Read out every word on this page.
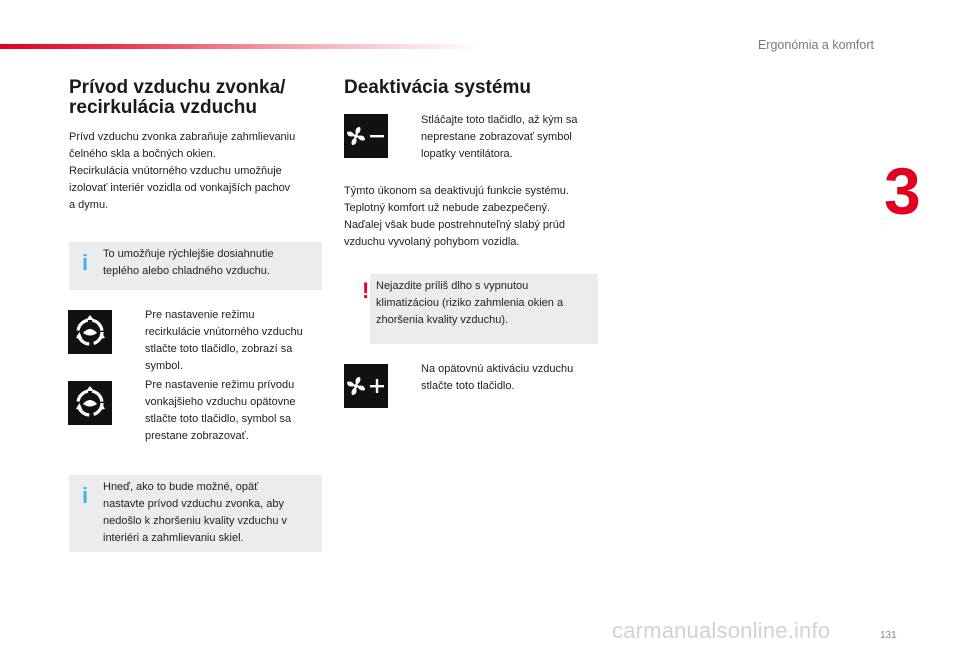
Ergonómia a komfort
3
Prívod vzduchu zvonka/
recirkulácia vzduchu

Prívd vzduchu zvonka zabraňuje zahmlievaniu

čelného skla a bočných okien.

Recirkulácia vnútorného vzduchu umožňuje

izolovať interiér vozidla od vonkajších pachov

a dymu.

i To umožňuje rýchlejšie dosiahnutie
teplého alebo chladného vzduchu.

Pre nastavenie režimu
recirkulácie vnútorného vzduchu
stlačte toto tlačidlo, zobrazí sa
symbol.
Pre nastavenie režimu prívodu
vonkajšieho vzduchu opätovne
stlačte toto tlačidlo, symbol sa
prestane zobrazovať.
i Hneď, ako to bude možné, opäť
nastavte prívod vzduchu zvonka, aby
nedošlo k zhoršeniu kvality vzduchu v
interiéri a zahmlievaniu skiel.

Deaktivácia systému
Stláčajte toto tlačidlo, až kým sa
neprestane zobrazovať symbol
lopatky ventilátora.

Týmto úkonom sa deaktivujú funkcie systému.

Teplotný komfort už nebude zabezpečený.

Naďalej však bude postrehnuteľný slabý prúd

vzduchu vyvolaný pohybom vozidla.

! Nejazdite príliš dlho s vypnutou
klimatizáciou (riziko zahmlenia okien a
zhoršenia kvality vzduchu).

Na opätovnú aktiváciu vzduchu
stlačte toto tlačidlo.
131
carmanualsonline.info
